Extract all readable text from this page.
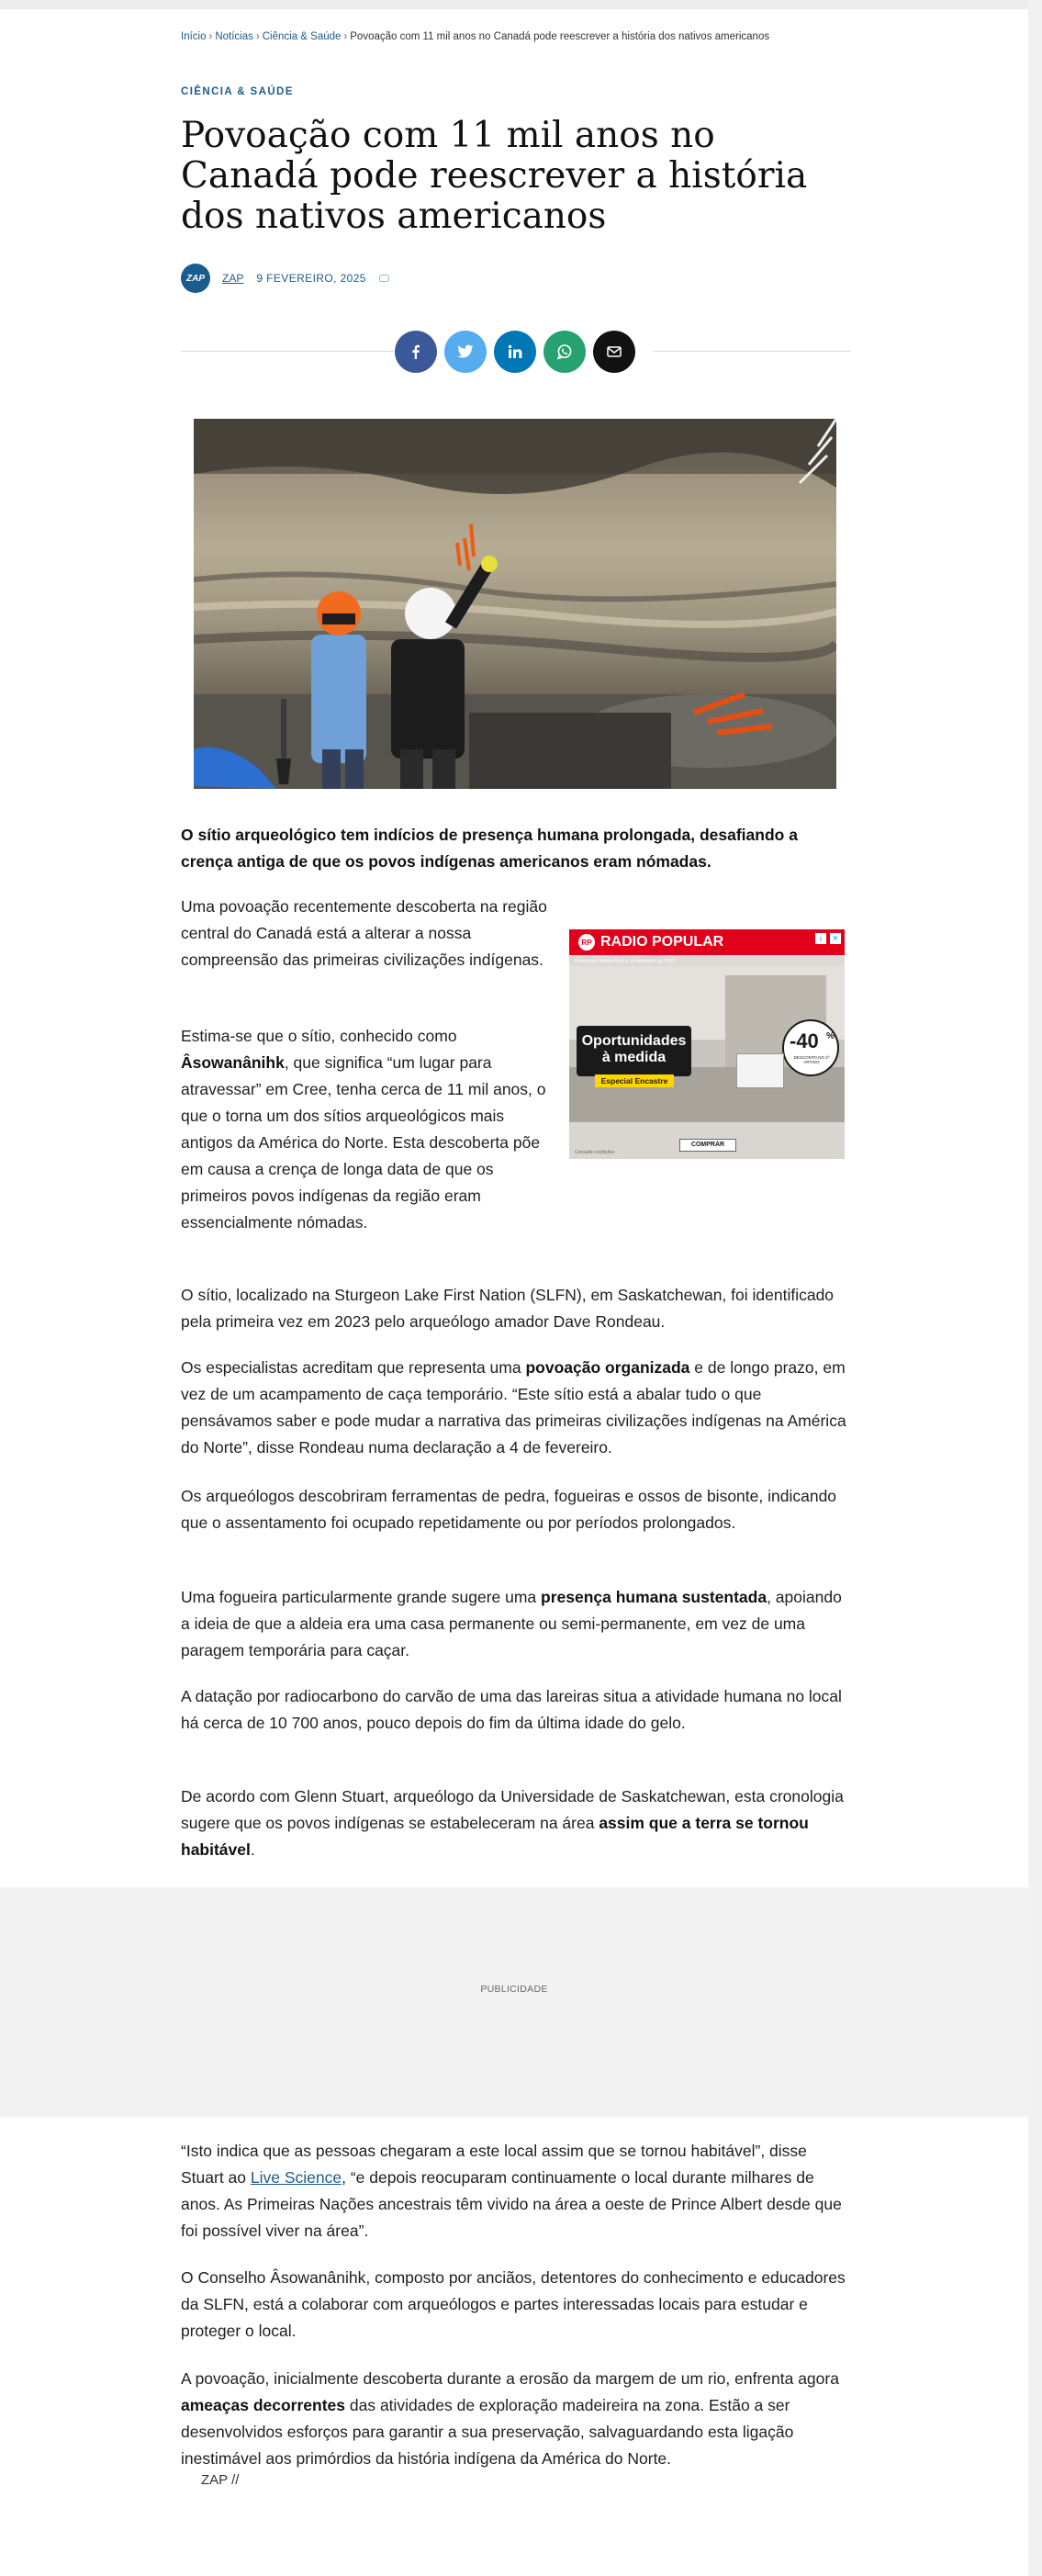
Início › Notícias › Ciência & Saúde › Povoação com 11 mil anos no Canadá pode reescrever a história dos nativos americanos
CIÊNCIA & SAÚDE
Povoação com 11 mil anos no Canadá pode reescrever a história dos nativos americanos
ZAP	ZAP 9 FEVEREIRO, 2025

O sítio arqueológico tem indícios de presença humana prolongada, desafiando a crença antiga de que os povos indígenas americanos eram nómadas.

Uma povoação recentemente descoberta na região central do Canadá está a alterar a nossa compreensão das primeiras civilizações indígenas.

Estima-se que o sítio, conhecido como Âsowanânihk, que significa “um lugar para atravessar” em Cree, tenha cerca de 11 mil anos, o que o torna um dos sítios arqueológicos mais antigos da América do Norte. Esta descoberta põe em causa a crença de longa data de que os primeiros povos indígenas da região eram essencialmente nómadas.

RP RADIO POPULAR	i	×
Promoção válida de 8 a 14 fevereiro de 2025
Oportunidades
à medida
Especial Encastre
-40 %
DESCONTO NO 2º ARTIGO
COMPRAR
Consulte condições

O sítio, localizado na Sturgeon Lake First Nation (SLFN), em Saskatchewan, foi identificado pela primeira vez em 2023 pelo arqueólogo amador Dave Rondeau.

Os especialistas acreditam que representa uma povoação organizada e de longo prazo, em vez de um acampamento de caça temporário. “Este sítio está a abalar tudo o que pensávamos saber e pode mudar a narrativa das primeiras civilizações indígenas na América do Norte”, disse Rondeau numa declaração a 4 de fevereiro.

Os arqueólogos descobriram ferramentas de pedra, fogueiras e ossos de bisonte, indicando que o assentamento foi ocupado repetidamente ou por períodos prolongados.

Uma fogueira particularmente grande sugere uma presença humana sustentada, apoiando a ideia de que a aldeia era uma casa permanente ou semi-permanente, em vez de uma paragem temporária para caçar.

A datação por radiocarbono do carvão de uma das lareiras situa a atividade humana no local há cerca de 10 700 anos, pouco depois do fim da última idade do gelo.

De acordo com Glenn Stuart, arqueólogo da Universidade de Saskatchewan, esta cronologia sugere que os povos indígenas se estabeleceram na área assim que a terra se tornou habitável.

PUBLICIDADE

“Isto indica que as pessoas chegaram a este local assim que se tornou habitável”, disse Stuart ao Live Science, “e depois reocuparam continuamente o local durante milhares de anos. As Primeiras Nações ancestrais têm vivido na área a oeste de Prince Albert desde que foi possível viver na área”.

O Conselho Âsowanânihk, composto por anciãos, detentores do conhecimento e educadores da SLFN, está a colaborar com arqueólogos e partes interessadas locais para estudar e proteger o local.

A povoação, inicialmente descoberta durante a erosão da margem de um rio, enfrenta agora ameaças decorrentes das atividades de exploração madeireira na zona. Estão a ser desenvolvidos esforços para garantir a sua preservação, salvaguardando esta ligação inestimável aos primórdios da história indígena da América do Norte.

ZAP //
